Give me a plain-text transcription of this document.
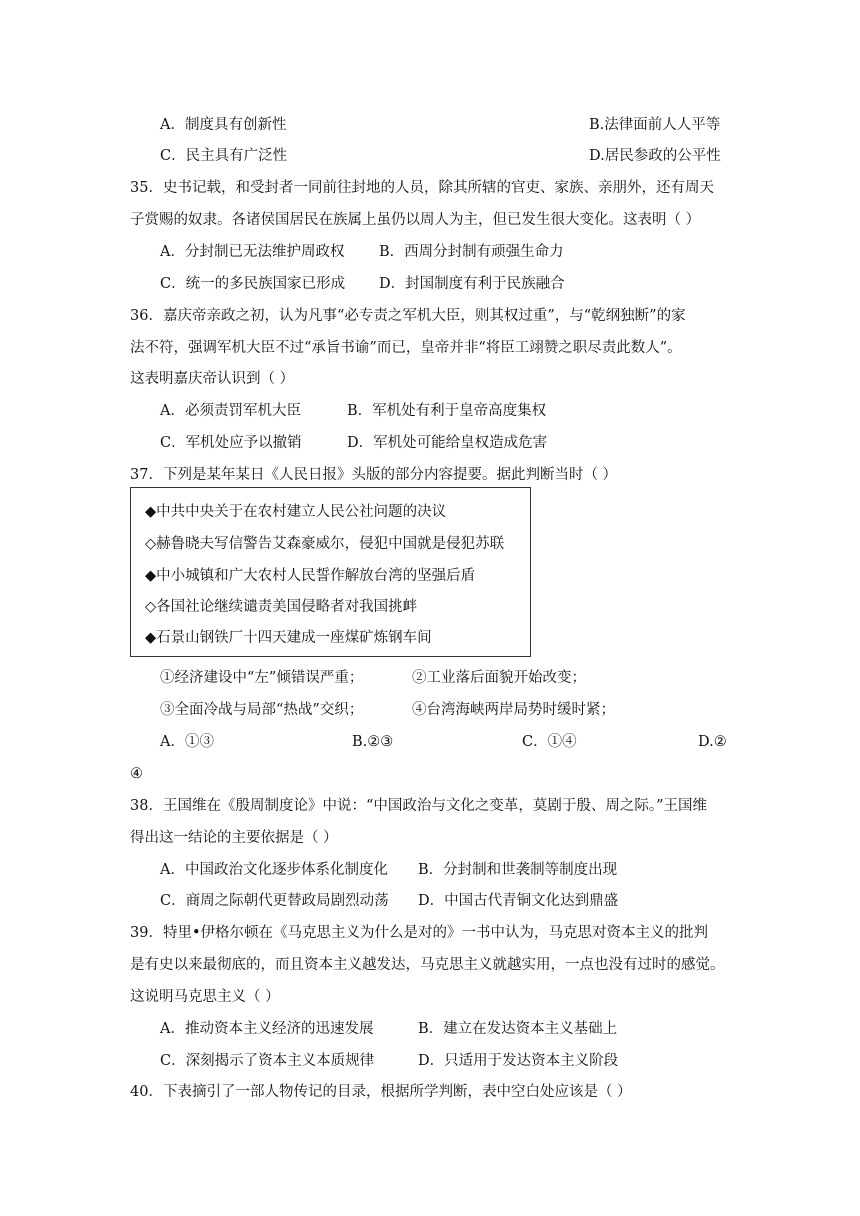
A．制度具有创新性	B.法律面前人人平等
C．民主具有广泛性	D.居民参政的公平性
35．史书记载，和受封者一同前往封地的人员，除其所辖的官吏、家族、亲朋外，还有周天
子赏赐的奴隶。各诸侯国居民在族属上虽仍以周人为主，但已发生很大变化。这表明（ ）
A．分封制已无法维护周政权 B．西周分封制有顽强生命力
C．统一的多民族国家已形成 D．封国制度有利于民族融合
36．嘉庆帝亲政之初，认为凡事“必专责之军机大臣，则其权过重”，与“乾纲独断”的家
法不符，强调军机大臣不过“承旨书谕”而已，皇帝并非“将臣工翊赞之职尽责此数人”。
这表明嘉庆帝认识到（ ）
A．必须责罚军机大臣	B．军机处有利于皇帝高度集权
C．军机处应予以撤销	D．军机处可能给皇权造成危害
37．下列是某年某日《人民日报》头版的部分内容提要。据此判断当时（ ）
◆中共中央关于在农村建立人民公社问题的决议
◇赫鲁晓夫写信警告艾森豪威尔，侵犯中国就是侵犯苏联
◆中小城镇和广大农村人民誓作解放台湾的坚强后盾
◇各国社论继续谴责美国侵略者对我国挑衅
◆石景山钢铁厂十四天建成一座煤矿炼钢车间
①经济建设中“左”倾错误严重；	②工业落后面貌开始改变；
③全面冷战与局部“热战”交织；	④台湾海峡两岸局势时缓时紧；
A．①③	B.②③	C．①④	D.②
④
38．王国维在《殷周制度论》中说：“中国政治与文化之变革，莫剧于殷、周之际。”王国维
得出这一结论的主要依据是（ ）
A．中国政治文化逐步体系化制度化 B．分封制和世袭制等制度出现
C．商周之际朝代更替政局剧烈动荡 D．中国古代青铜文化达到鼎盛
39．特里•伊格尔顿在《马克思主义为什么是对的》一书中认为，马克思对资本主义的批判
是有史以来最彻底的，而且资本主义越发达，马克思主义就越实用，一点也没有过时的感觉。
这说明马克思主义（ ）
A．推动资本主义经济的迅速发展	B．建立在发达资本主义基础上
C．深刻揭示了资本主义本质规律	D．只适用于发达资本主义阶段
40．下表摘引了一部人物传记的目录，根据所学判断，表中空白处应该是（ ）
